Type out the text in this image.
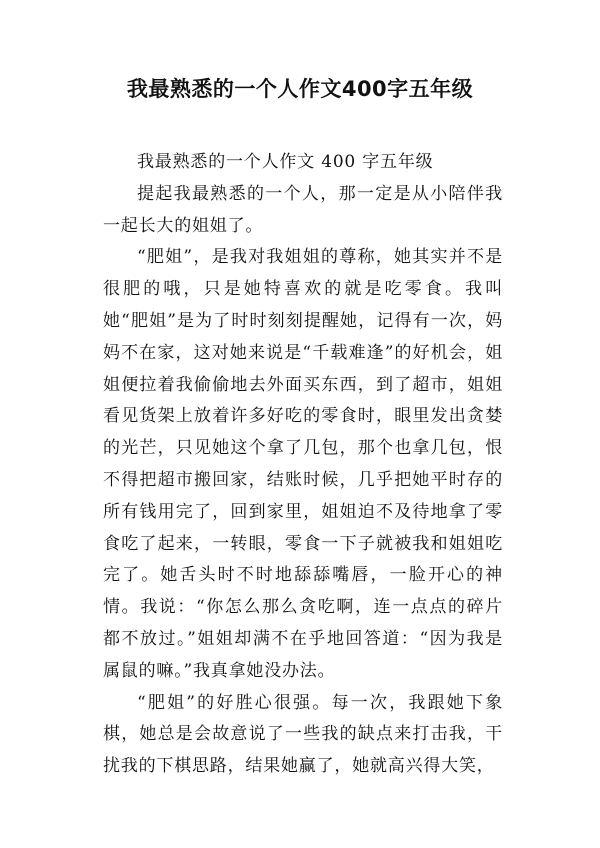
我最熟悉的一个人作文400字五年级

我最熟悉的一个人作文 400 字五年级

提起我最熟悉的一个人，那一定是从小陪伴我一起长大的姐姐了。

“肥姐”，是我对我姐姐的尊称，她其实并不是很肥的哦，只是她特喜欢的就是吃零食。我叫她“肥姐”是为了时时刻刻提醒她，记得有一次，妈妈不在家，这对她来说是“千载难逢”的好机会，姐姐便拉着我偷偷地去外面买东西，到了超市，姐姐看见货架上放着许多好吃的零食时，眼里发出贪婪的光芒，只见她这个拿了几包，那个也拿几包，恨不得把超市搬回家，结账时候，几乎把她平时存的所有钱用完了，回到家里，姐姐迫不及待地拿了零食吃了起来，一转眼，零食一下子就被我和姐姐吃完了。她舌头时不时地舔舔嘴唇，一脸开心的神情。我说：“你怎么那么贪吃啊，连一点点的碎片都不放过。”姐姐却满不在乎地回答道：“因为我是属鼠的嘛。”我真拿她没办法。

“肥姐”的好胜心很强。每一次，我跟她下象棋，她总是会故意说了一些我的缺点来打击我，干扰我的下棋思路，结果她赢了，她就高兴得大笑，
